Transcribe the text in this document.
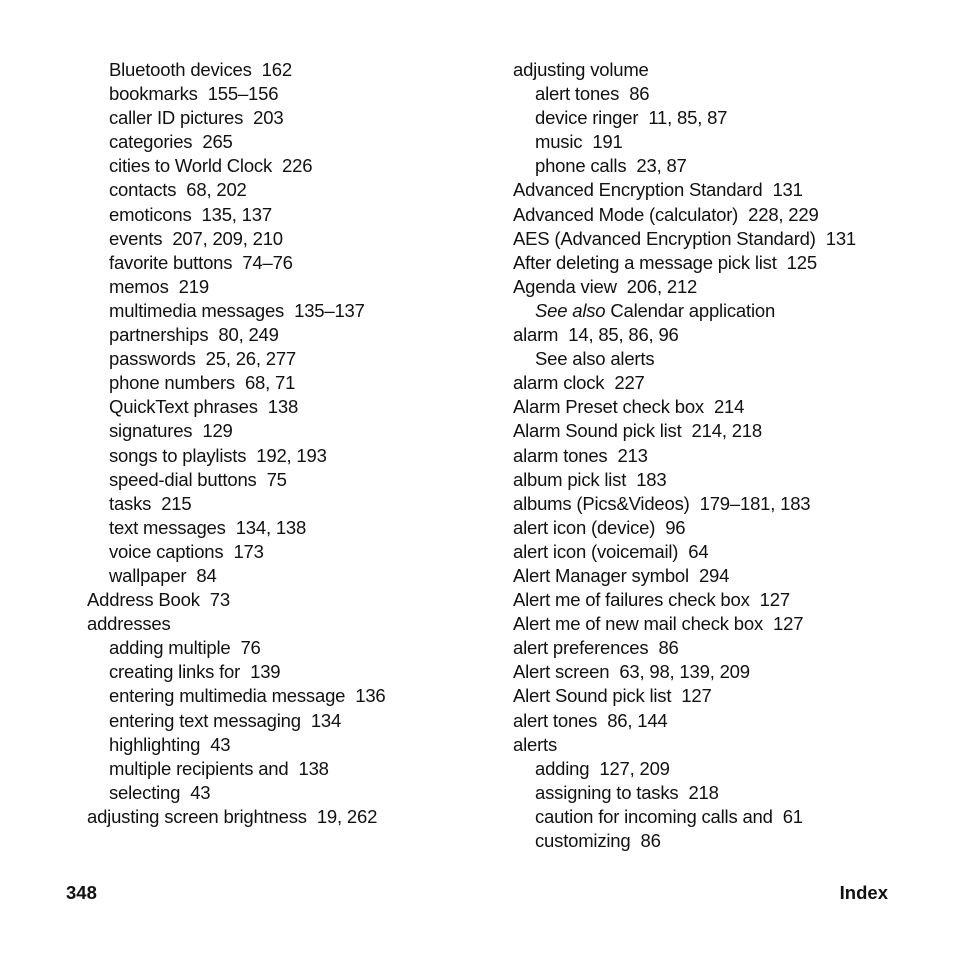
Bluetooth devices 162
bookmarks 155–156
caller ID pictures 203
categories 265
cities to World Clock 226
contacts 68, 202
emoticons 135, 137
events 207, 209, 210
favorite buttons 74–76
memos 219
multimedia messages 135–137
partnerships 80, 249
passwords 25, 26, 277
phone numbers 68, 71
QuickText phrases 138
signatures 129
songs to playlists 192, 193
speed-dial buttons 75
tasks 215
text messages 134, 138
voice captions 173
wallpaper 84
Address Book 73
addresses
adding multiple 76
creating links for 139
entering multimedia message 136
entering text messaging 134
highlighting 43
multiple recipients and 138
selecting 43
adjusting screen brightness 19, 262
adjusting volume
alert tones 86
device ringer 11, 85, 87
music 191
phone calls 23, 87
Advanced Encryption Standard 131
Advanced Mode (calculator) 228, 229
AES (Advanced Encryption Standard) 131
After deleting a message pick list 125
Agenda view 206, 212
See also Calendar application
alarm 14, 85, 86, 96
See also alerts
alarm clock 227
Alarm Preset check box 214
Alarm Sound pick list 214, 218
alarm tones 213
album pick list 183
albums (Pics&Videos) 179–181, 183
alert icon (device) 96
alert icon (voicemail) 64
Alert Manager symbol 294
Alert me of failures check box 127
Alert me of new mail check box 127
alert preferences 86
Alert screen 63, 98, 139, 209
Alert Sound pick list 127
alert tones 86, 144
alerts
adding 127, 209
assigning to tasks 218
caution for incoming calls and 61
customizing 86
348	Index
